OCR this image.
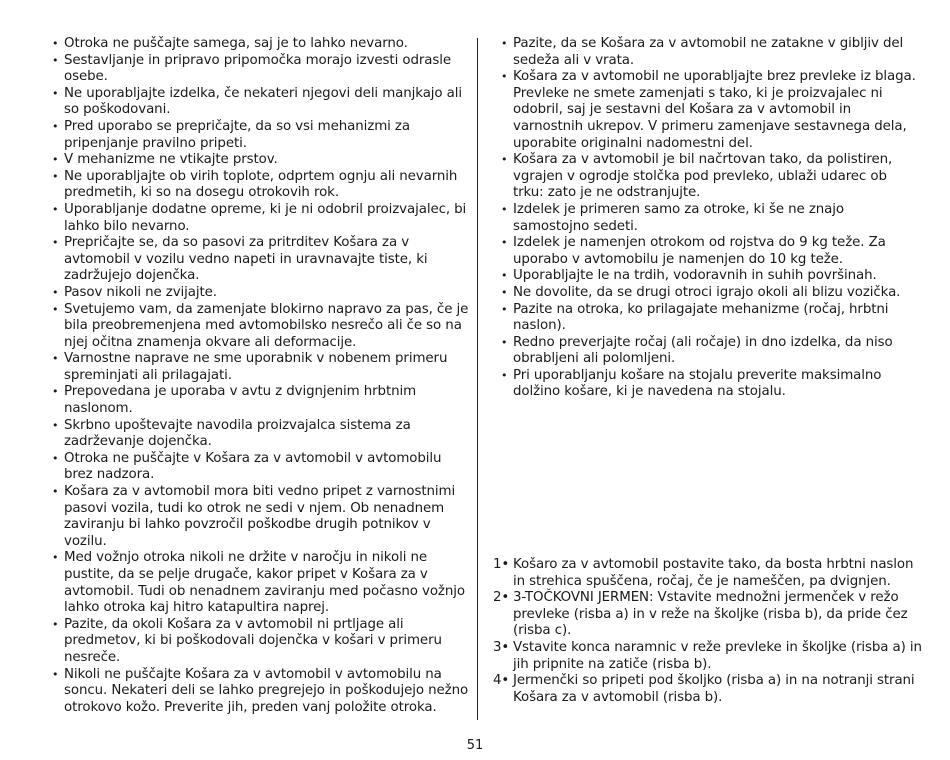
• Otroka ne puščajte samega, saj je to lahko nevarno.
• Sestavljanje in pripravo pripomočka morajo izvesti odrasle osebe.
• Ne uporabljajte izdelka, če nekateri njegovi deli manjkajo ali so poškodovani.
• Pred uporabo se prepričajte, da so vsi mehanizmi za pripenjanje pravilno pripeti.
• V mehanizme ne vtikajte prstov.
• Ne uporabljajte ob virih toplote, odprtem ognju ali nevarnih predmetih, ki so na dosegu otrokovih rok.
• Uporabljanje dodatne opreme, ki je ni odobril proizvajalec, bi lahko bilo nevarno.
• Prepričajte se, da so pasovi za pritrditev Košara za v avtomobil v vozilu vedno napeti in uravnavajte tiste, ki zadržujejo dojenčka.
• Pasov nikoli ne zvijajte.
• Svetujemo vam, da zamenjate blokirno napravo za pas, če je bila preobremenjena med avtomobilsko nesrečo ali če so na njej očitna znamenja okvare ali deformacije.
• Varnostne naprave ne sme uporabnik v nobenem primeru spreminjati ali prilagajati.
• Prepovedana je uporaba v avtu z dvignjenim hrbtnim naslonom.
• Skrbno upoštevajte navodila proizvajalca sistema za zadrževanje dojenčka.
• Otroka ne puščajte v Košara za v avtomobil v avtomobilu brez nadzora.
• Košara za v avtomobil mora biti vedno pripet z varnostnimi pasovi vozila, tudi ko otrok ne sedi v njem. Ob nenadnem zaviranju bi lahko povzročil poškodbe drugih potnikov v vozilu.
• Med vožnjo otroka nikoli ne držite v naročju in nikoli ne pustite, da se pelje drugače, kakor pripet v Košara za v avtomobil. Tudi ob nenadnem zaviranju med počasno vožnjo lahko otroka kaj hitro katapultira naprej.
• Pazite, da okoli Košara za v avtomobil ni prtljage ali predmetov, ki bi poškodovali dojenčka v košari v primeru nesreče.
• Nikoli ne puščajte Košara za v avtomobil v avtomobilu na soncu. Nekateri deli se lahko pregrejejo in poškodujejo nežno otrokovo kožo. Preverite jih, preden vanj položite otroka.
• Pazite, da se Košara za v avtomobil ne zatakne v gibljiv del sedeža ali v vrata.
• Košara za v avtomobil ne uporabljajte brez prevleke iz blaga. Prevleke ne smete zamenjati s tako, ki je proizvajalec ni odobril, saj je sestavni del Košara za v avtomobil in varnostnih ukrepov. V primeru zamenjave sestavnega dela, uporabite originalni nadomestni del.
• Košara za v avtomobil je bil načrtovan tako, da polistiren, vgrajen v ogrodje stolčka pod prevleko, ublaži udarec ob trku: zato je ne odstranjujte.
• Izdelek je primeren samo za otroke, ki še ne znajo samostojno sedeti.
• Izdelek je namenjen otrokom od rojstva do 9 kg teže. Za uporabo v avtomobilu je namenjen do 10 kg teže.
• Uporabljajte le na trdih, vodoravnih in suhih površinah.
• Ne dovolite, da se drugi otroci igrajo okoli ali blizu vozička.
• Pazite na otroka, ko prilagajate mehanizme (ročaj, hrbtni naslon).
• Redno preverjajte ročaj (ali ročaje) in dno izdelka, da niso obrabljeni ali polomljeni.
• Pri uporabljanju košare na stojalu preverite maksimalno dolžino košare, ki je navedena na stojalu.
1• Košaro za v avtomobil postavite tako, da bosta hrbtni naslon in strehica spuščena, ročaj, če je nameščen, pa dvignjen.
2• 3-TOČKOVNI JERMEN: Vstavite mednožni jermenček v režo prevleke (risba a) in v reže na školjke (risba b), da pride čez (risba c).
3• Vstavite konca naramnic v reže prevleke in školjke (risba a) in jih pripnite na zatiče (risba b).
4• Jermenčki so pripeti pod školjko (risba a) in na notranji strani Košara za v avtomobil (risba b).
51
